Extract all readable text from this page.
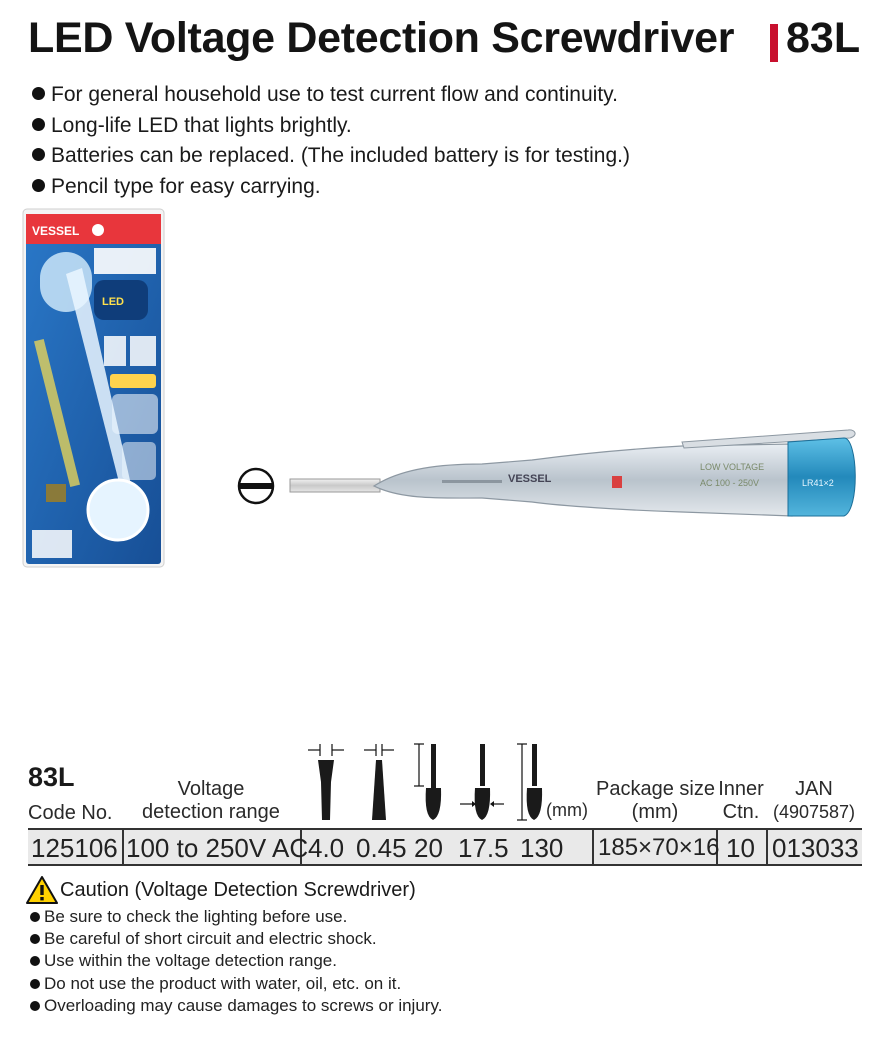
LED Voltage Detection Screwdriver 83L
For general household use to test current flow and continuity.
Long-life LED that lights brightly.
Batteries can be replaced. (The included battery is for testing.)
Pencil type for easy carrying.
VESSEL
LED
VESSEL
LOW VOLTAGE
AC 100 - 250V	LR41×2
83L
Code No.
Voltage
detection range	(mm)
Package size
(mm)
Inner
Ctn.
JAN
(4907587)
125106 100 to 250V AC 4.0 0.45 20 17.5 130 185×70×16 10 013033
Caution (Voltage Detection Screwdriver)
Be sure to check the lighting before use.
Be careful of short circuit and electric shock.
Use within the voltage detection range.
Do not use the product with water, oil, etc. on it.
Overloading may cause damages to screws or injury.
